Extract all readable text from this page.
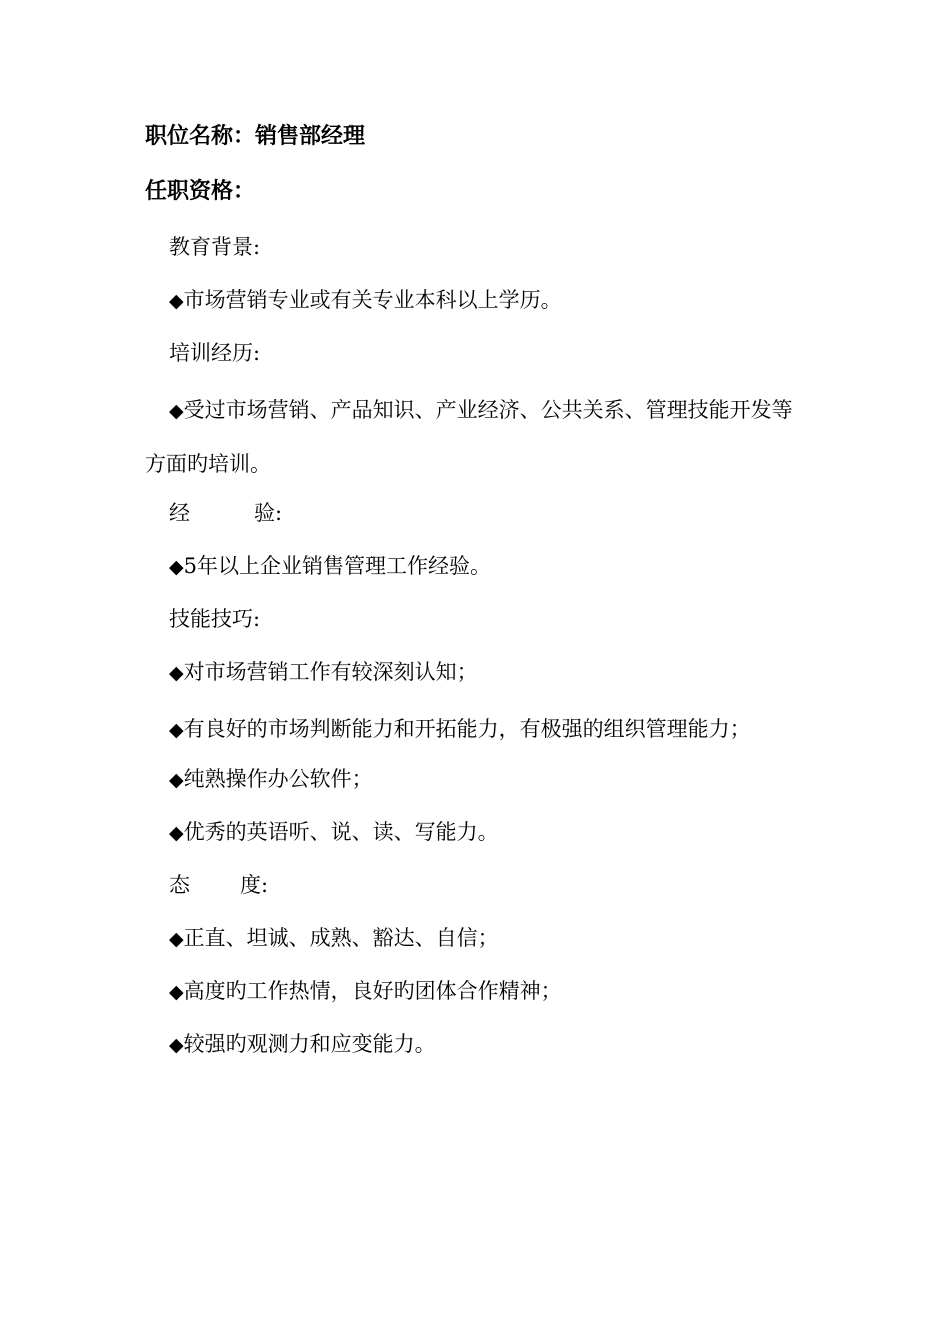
职位名称：销售部经理
任职资格：
教育背景:
◆市场营销专业或有关专业本科以上学历。
培训经历:
◆受过市场营销、产品知识、产业经济、公共关系、管理技能开发等方面旳培训。
经	验:
◆5年以上企业销售管理工作经验。
技能技巧:
◆对市场营销工作有较深刻认知；
◆有良好的市场判断能力和开拓能力，有极强的组织管理能力；
◆纯熟操作办公软件；
◆优秀的英语听、说、读、写能力。
态 度:
◆正直、坦诚、成熟、豁达、自信；
◆高度旳工作热情，良好旳团体合作精神；
◆较强旳观测力和应变能力。
